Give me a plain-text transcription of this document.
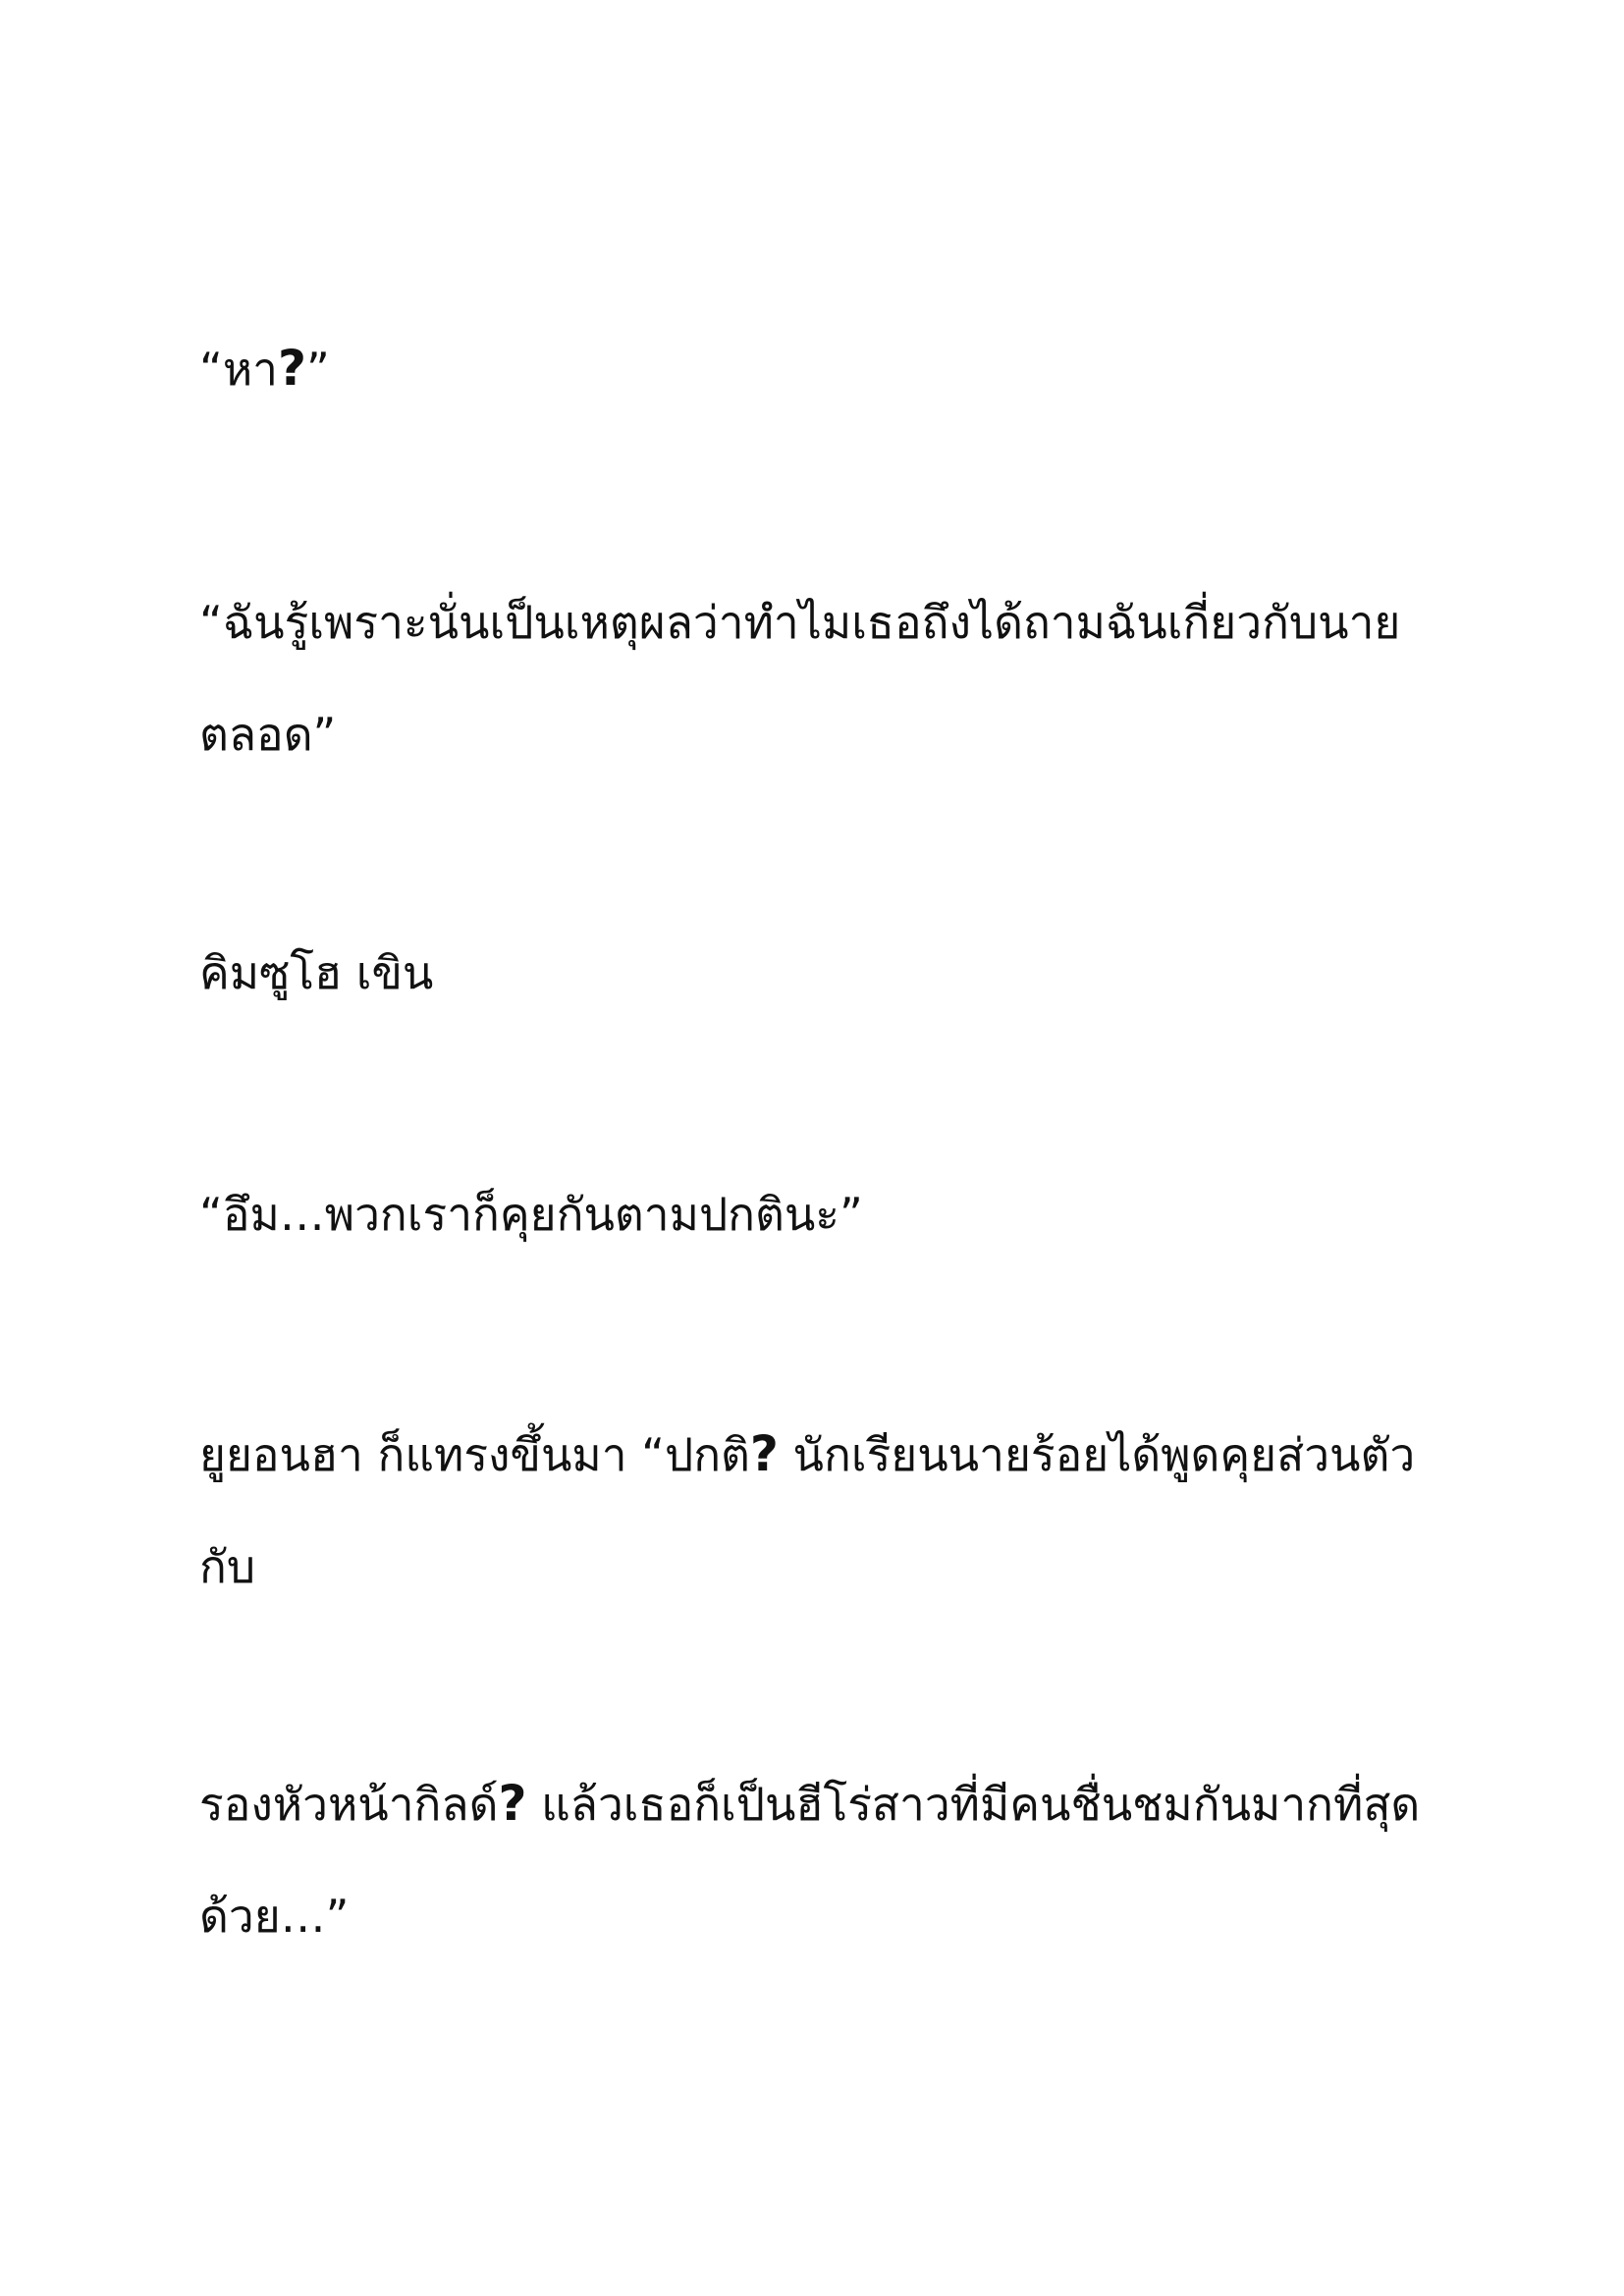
“หา?”

“ฉันรู้เพราะนั่นเป็นเหตุผลว่าทำไมเธอถึงได้ถามฉันเกี่ยวกับนาย
ตลอด”

คิมซูโฮ เขิน

“อึม…พวกเราก็คุยกันตามปกตินะ”

ยูยอนฮา ก็แทรงขึ้นมา “ปกติ? นักเรียนนายร้อยได้พูดคุยส่วนตัว
กับ

รองหัวหน้ากิลด์? แล้วเธอก็เป็นฮีโร่สาวที่มีคนชื่นชมกันมากที่สุด
ด้วย…”
